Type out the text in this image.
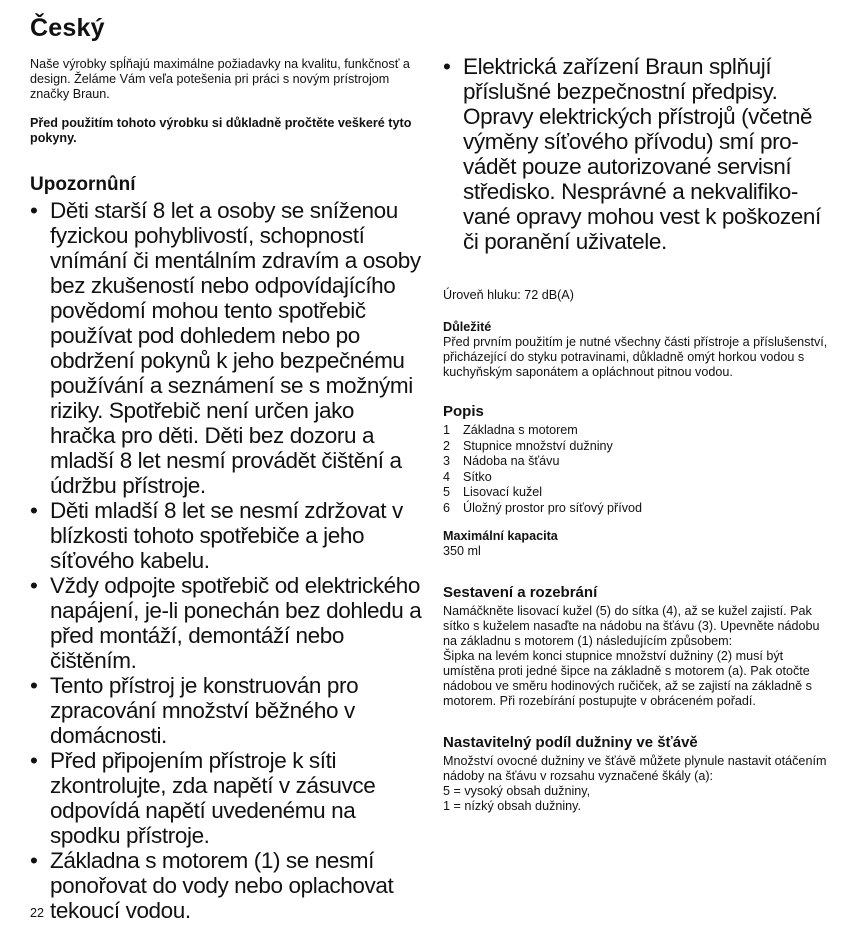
Český

Naše výrobky spĺňajú maximálne požiadavky na kvalitu, funkčnosť a design. Želáme Vám veľa potešenia pri práci s novým prístrojom značky Braun.

Před použitím tohoto výrobku si důkladně pročtěte veškeré tyto pokyny.

Upozornûní
• Děti starší 8 let a osoby se sníženou fyzickou pohyblivostí, schopností vnímání či mentálním zdravím a osoby bez zkušeností nebo odpovídajícího povědomí mohou tento spotřebič používat pod dohledem nebo po obdržení pokynů k jeho bezpečnému používání a seznámení se s možnými riziky. Spotřebič není určen jako hračka pro děti. Děti bez dozoru a mladší 8 let nesmí provádět čištění a údržbu přístroje.
• Děti mladší 8 let se nesmí zdržovat v blízkosti tohoto spotřebiče a jeho síťového kabelu.
• Vždy odpojte spotřebič od elektrického napájení, je-li ponechán bez dohledu a před montáží, demontáží nebo čištěním.
• Tento přístroj je konstruován pro zpracování množství běžného v domácnosti.
• Před připojením přístroje k síti zkontrolujte, zda napětí v zásuvce odpovídá napětí uvedenému na spodku přístroje.
• Základna s motorem (1) se nesmí ponořovat do vody nebo oplachovat tekoucí vodou.
• Elektrická zařízení Braun splňují příslušné bezpečnostní předpisy. Opravy elektrických přístrojů (včetně výměny síťového přívodu) smí provádět pouze autorizované servisní středisko. Nesprávné a nekvalifikované opravy mohou vest k poškození či poranění uživatele.

Úroveň hluku: 72 dB(A)

Důležité

Před prvním použitím je nutné všechny části přístroje a příslušenství, přicházející do styku potravinami, důkladně omýt horkou vodou s kuchyňským saponátem a opláchnout pitnou vodou.

Popis
1 Základna s motorem
2 Stupnice množství dužniny
3 Nádoba na šťávu
4 Sítko
5 Lisovací kužel
6 Úložný prostor pro síťový přívod

Maximální kapacita

350 ml

Sestavení a rozebrání

Namáčkněte lisovací kužel (5) do sítka (4), až se kužel zajistí. Pak sítko s kuželem nasaďte na nádobu na šťávu (3). Upevněte nádobu na základnu s motorem (1) následujícím způsobem:

Šipka na levém konci stupnice množství dužniny (2) musí být umístěna proti jedné šipce na základně s motorem (a). Pak otočte nádobou ve směru hodinových ručiček, až se zajistí na základně s motorem. Při rozebírání postupujte v obráceném pořadí.

Nastavitelný podíl dužniny ve šťávě

Množství ovocné dužniny ve šťávě můžete plynule nastavit otáčením nádoby na šťávu v rozsahu vyznačené škály (a):

5 = vysoký obsah dužniny,

1 = nízký obsah dužniny.

22
